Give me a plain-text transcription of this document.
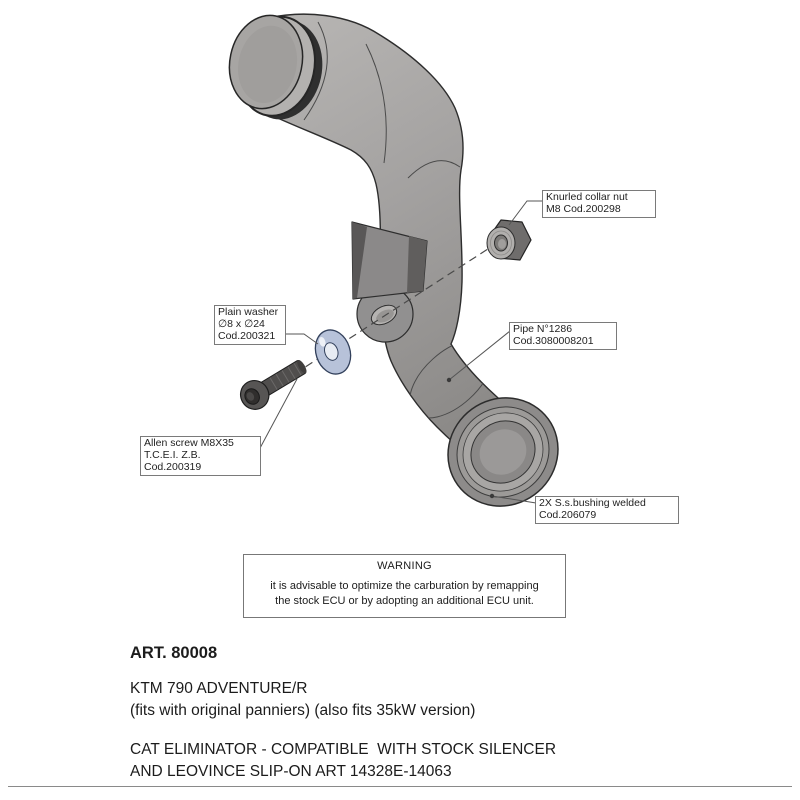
Knurled collar nut
M8 Cod.200298
Plain washer
∅8 x ∅24
Cod.200321
Pipe N°1286
Cod.3080008201
Allen screw M8X35
T.C.E.I. Z.B.
Cod.200319
2X S.s.bushing welded
Cod.206079
WARNING
it is advisable to optimize the carburation by remapping
the stock ECU or by adopting an additional ECU unit.
ART. 80008
KTM 790 ADVENTURE/R
(fits with original panniers) (also fits 35kW version)
CAT ELIMINATOR - COMPATIBLE  WITH STOCK SILENCER
AND LEOVINCE SLIP-ON ART 14328E-14063
